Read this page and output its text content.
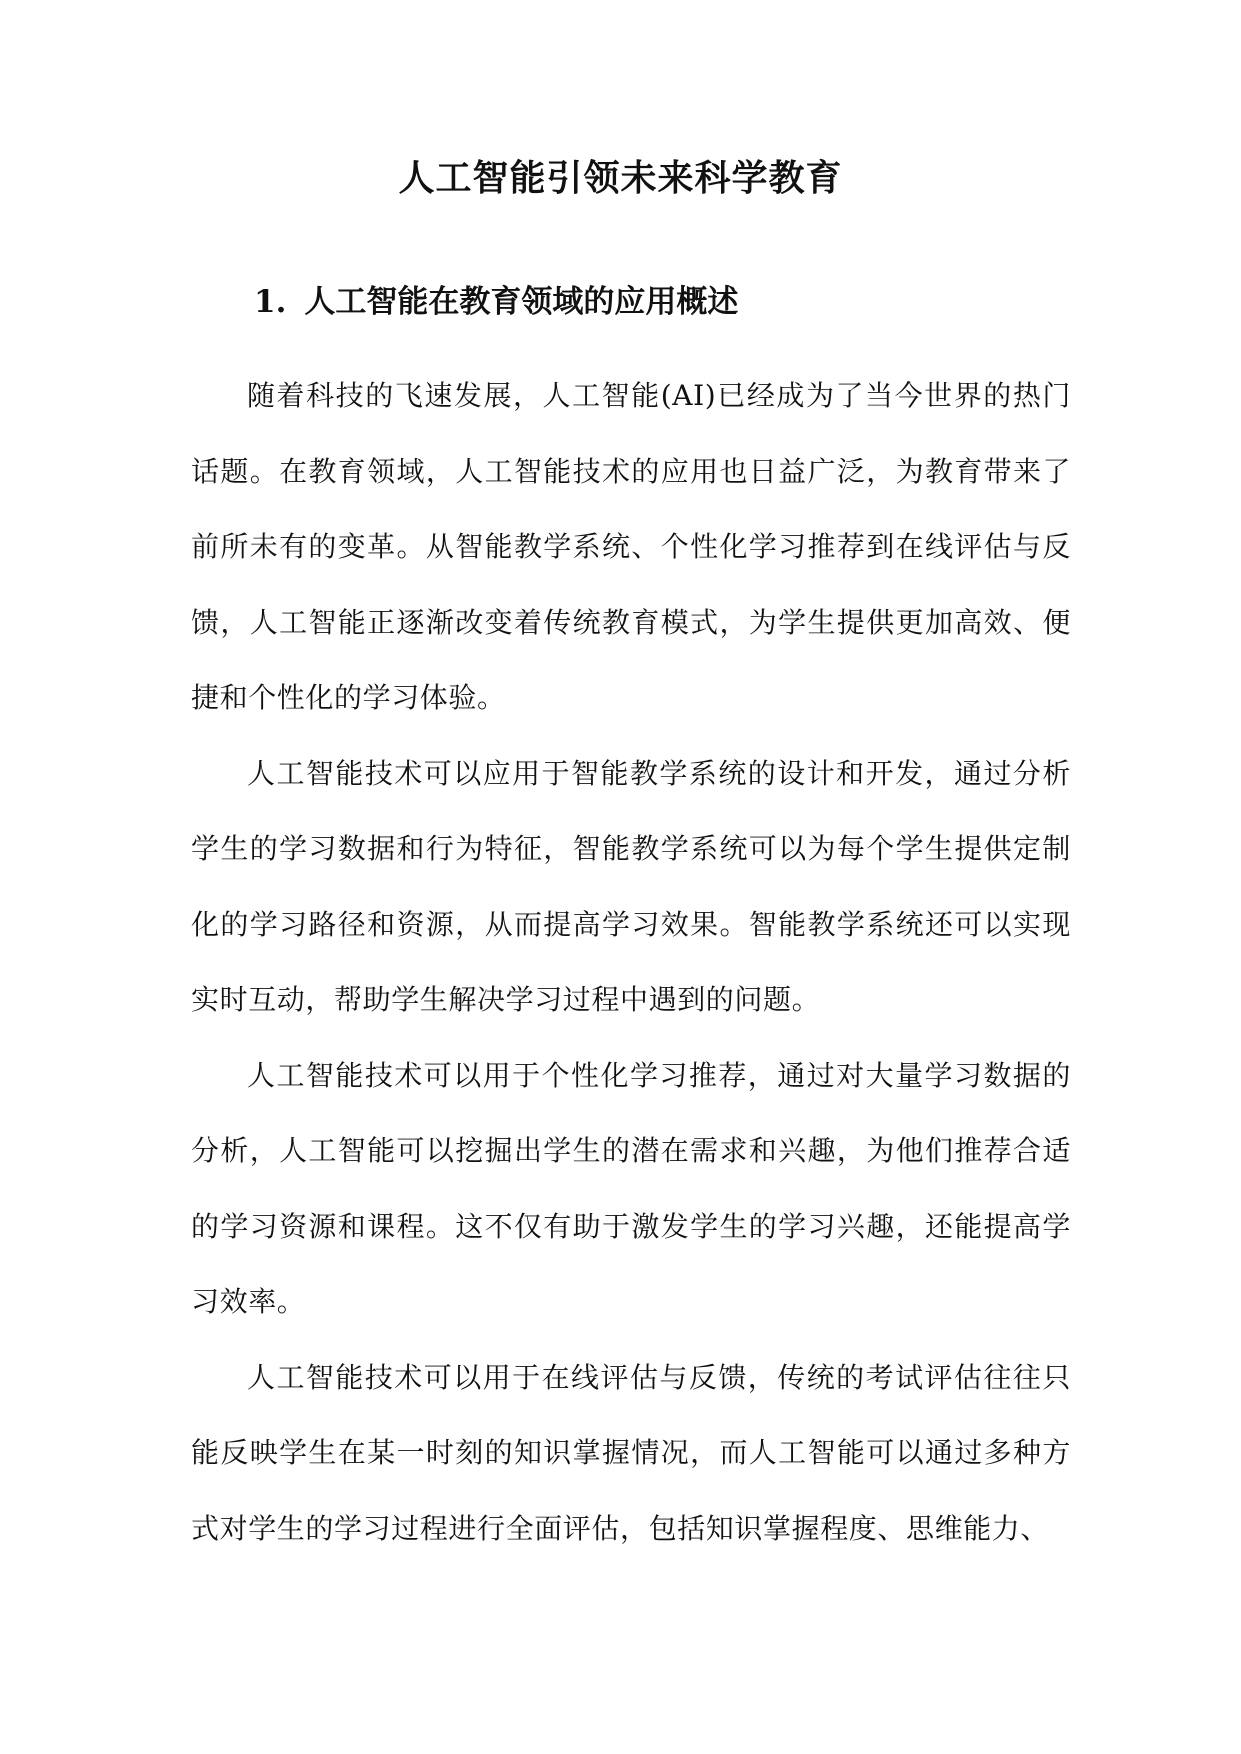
人工智能引领未来科学教育
1. 人工智能在教育领域的应用概述

随着科技的飞速发展，人工智能(AI)已经成为了当今世界的热门话题。在教育领域，人工智能技术的应用也日益广泛，为教育带来了前所未有的变革。从智能教学系统、个性化学习推荐到在线评估与反馈，人工智能正逐渐改变着传统教育模式，为学生提供更加高效、便捷和个性化的学习体验。

人工智能技术可以应用于智能教学系统的设计和开发，通过分析学生的学习数据和行为特征，智能教学系统可以为每个学生提供定制化的学习路径和资源，从而提高学习效果。智能教学系统还可以实现实时互动，帮助学生解决学习过程中遇到的问题。

人工智能技术可以用于个性化学习推荐，通过对大量学习数据的分析，人工智能可以挖掘出学生的潜在需求和兴趣，为他们推荐合适的学习资源和课程。这不仅有助于激发学生的学习兴趣，还能提高学习效率。

人工智能技术可以用于在线评估与反馈，传统的考试评估往往只能反映学生在某一时刻的知识掌握情况，而人工智能可以通过多种方式对学生的学习过程进行全面评估，包括知识掌握程度、思维能力、
